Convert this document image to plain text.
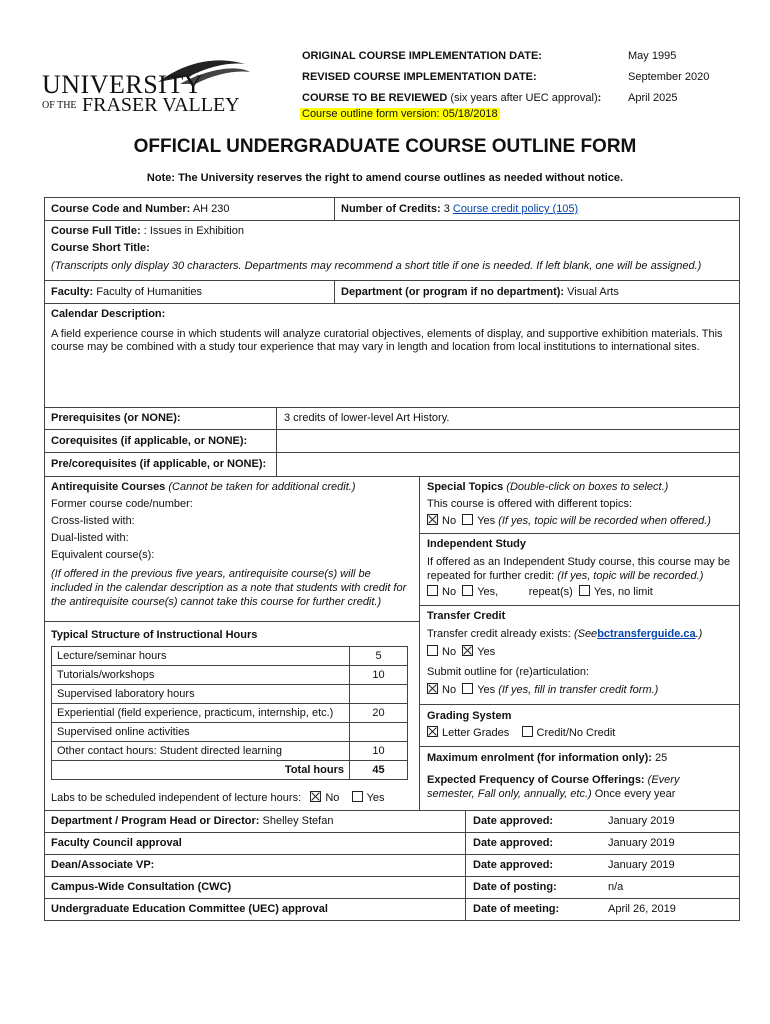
UNIVERSITY
OF THE FRASER VALLEY
ORIGINAL COURSE IMPLEMENTATION DATE:	May 1995
REVISED COURSE IMPLEMENTATION DATE:	September 2020
COURSE TO BE REVIEWED (six years after UEC approval): April 2025
Course outline form version: 05/18/2018
OFFICIAL UNDERGRADUATE COURSE OUTLINE FORM
Note: The University reserves the right to amend course outlines as needed without notice.
Course Code and Number: AH 230	Number of Credits: 3 Course credit policy (105)
Course Full Title: : Issues in Exhibition
Course Short Title:
(Transcripts only display 30 characters. Departments may recommend a short title if one is needed. If left blank, one will be assigned.)
Faculty: Faculty of Humanities	Department (or program if no department): Visual Arts
Calendar Description:
A field experience course in which students will analyze curatorial objectives, elements of display, and supportive exhibition materials. This course may be combined with a study tour experience that may vary in length and location from local institutions to international sites.
Prerequisites (or NONE):	3 credits of lower-level Art History.
Corequisites (if applicable, or NONE):
Pre/corequisites (if applicable, or NONE):
Antirequisite Courses (Cannot be taken for additional credit.)
Former course code/number:
Cross-listed with:
Dual-listed with:
Equivalent course(s):
(If offered in the previous five years, antirequisite course(s) will be included in the calendar description as a note that students with credit for the antirequisite course(s) cannot take this course for further credit.)
Special Topics (Double-click on boxes to select.)
This course is offered with different topics:
No Yes (If yes, topic will be recorded when offered.)
Independent Study
If offered as an Independent Study course, this course may be repeated for further credit: (If yes, topic will be recorded.)
No Yes,	repeat(s) Yes, no limit
Transfer Credit
Transfer credit already exists: (Seebctransferguide.ca.)
No Yes
Submit outline for (re)articulation:
No Yes (If yes, fill in transfer credit form.)
Grading System
Letter Grades Credit/No Credit
Maximum enrolment (for information only): 25
Expected Frequency of Course Offerings: (Every semester, Fall only, annually, etc.) Once every year
Typical Structure of Instructional Hours
Lecture/seminar hours	5
Tutorials/workshops	10
Supervised laboratory hours	
Experiential (field experience, practicum, internship, etc.)	20
Supervised online activities	
Other contact hours: Student directed learning	10
Total hours	45
Labs to be scheduled independent of lecture hours: No Yes
Department / Program Head or Director: Shelley Stefan	Date approved:	January 2019
Faculty Council approval	Date approved:	January 2019
Dean/Associate VP:	Date approved:	January 2019
Campus-Wide Consultation (CWC)	Date of posting:	n/a
Undergraduate Education Committee (UEC) approval	Date of meeting:	April 26, 2019
